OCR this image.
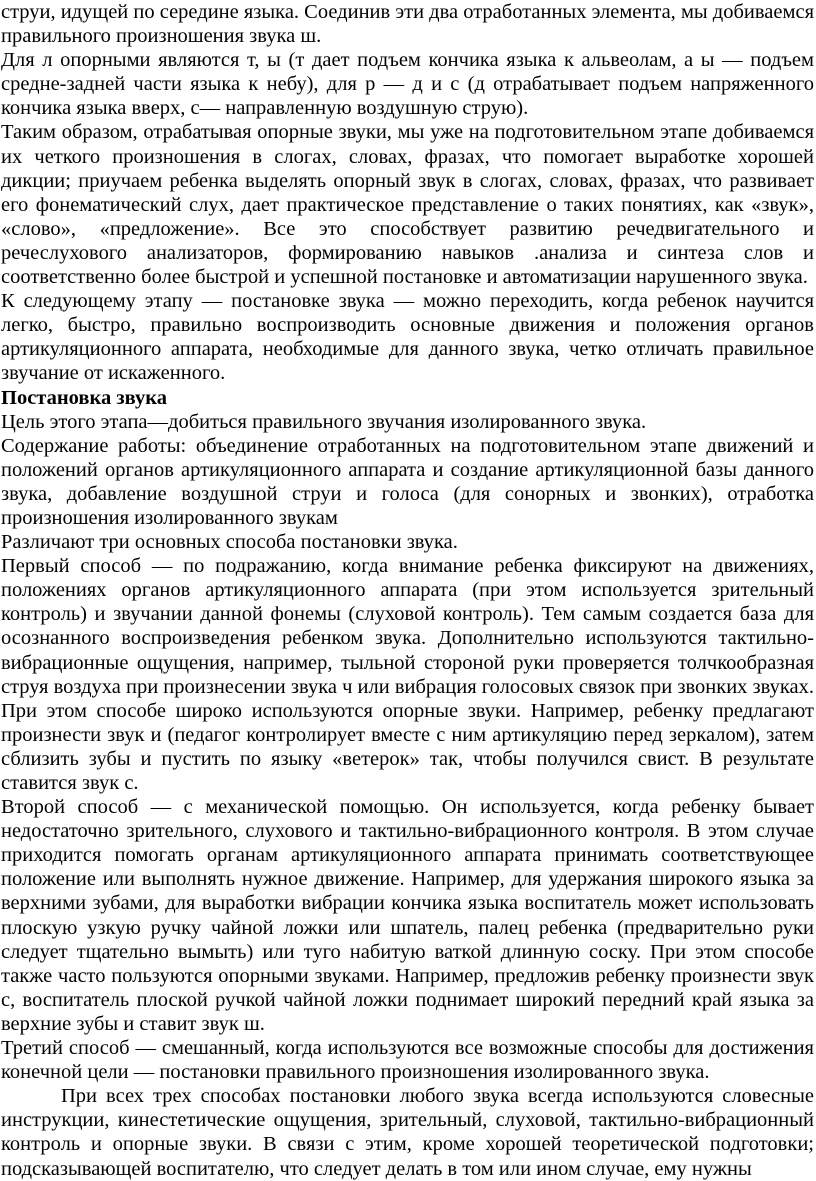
струи, идущей по середине языка. Соединив эти два отработанных элемента, мы добиваемся правильного произношения звука ш.

Для л опорными являются т, ы (т дает подъем кончика языка к альвеолам, а ы — подъем средне-задней части языка к небу), для р — д и с (д отрабатывает подъем напряженного кончика языка вверх, с— направленную воздушную струю).

Таким образом, отрабатывая опорные звуки, мы уже на подготовительном этапе добиваемся их четкого произношения в слогах, словах, фразах, что помогает выработке хорошей дикции; приучаем ребенка выделять опорный звук в слогах, словах, фразах, что развивает его фонематический слух, дает практическое представление о таких понятиях, как «звук», «слово», «предложение». Все это способствует развитию речедвигательного и речеслухового анализаторов, формированию навыков .анализа и синтеза слов и соответственно более быстрой и успешной постановке и автоматизации нарушенного звука.

К следующему этапу — постановке звука — можно переходить, когда ребенок научится легко, быстро, правильно воспроизводить основные движения и положения органов артикуляционного аппарата, необходимые для данного звука, четко отличать правильное звучание от искаженного.

Постановка звука

Цель этого этапа—добиться правильного звучания изолированного звука.

Содержание работы: объединение отработанных на подготовительном этапе движений и положений органов артикуляционного аппарата и создание артикуляционной базы данного звука, добавление воздушной струи и голоса (для сонорных и звонких), отработка произношения изолированного звукам

Различают три основных способа постановки звука.

Первый способ — по подражанию, когда внимание ребенка фиксируют на движениях, положениях органов артикуляционного аппарата (при этом используется зрительный контроль) и звучании данной фонемы (слуховой контроль). Тем самым создается база для осознанного воспроизведения ребенком звука. Дополнительно используются тактильно-вибрационные ощущения, например, тыльной стороной руки проверяется толчкообразная струя воздуха при произнесении звука ч или вибрация голосовых связок при звонких звуках. При этом способе широко используются опорные звуки. Например, ребенку предлагают произнести звук и (педагог контролирует вместе с ним артикуляцию перед зеркалом), затем сблизить зубы и пустить по языку «ветерок» так, чтобы получился свист. В результате ставится звук с.

Второй способ — с механической помощью. Он используется, когда ребенку бывает недостаточно зрительного, слухового и тактильно-вибрационного контроля. В этом случае приходится помогать органам артикуляционного аппарата принимать соответствующее положение или выполнять нужное движение. Например, для удержания широкого языка за верхними зубами, для выработки вибрации кончика языка воспитатель может использовать плоскую узкую ручку чайной ложки или шпатель, палец ребенка (предварительно руки следует тщательно вымыть) или туго набитую ваткой длинную соску. При этом способе также часто пользуются опорными звуками. Например, предложив ребенку произнести звук с, воспитатель плоской ручкой чайной ложки поднимает широкий передний край языка за верхние зубы и ставит звук ш.

Третий способ — смешанный, когда используются все возможные способы для достижения конечной цели — постановки правильного произношения изолированного звука.

При всех трех способах постановки любого звука всегда используются словесные инструкции, кинестетические ощущения, зрительный, слуховой, тактильно-вибрационный контроль и опорные звуки. В связи с этим, кроме хорошей теоретической подготовки; подсказывающей воспитателю, что следует делать в том или ином случае, ему нужны
